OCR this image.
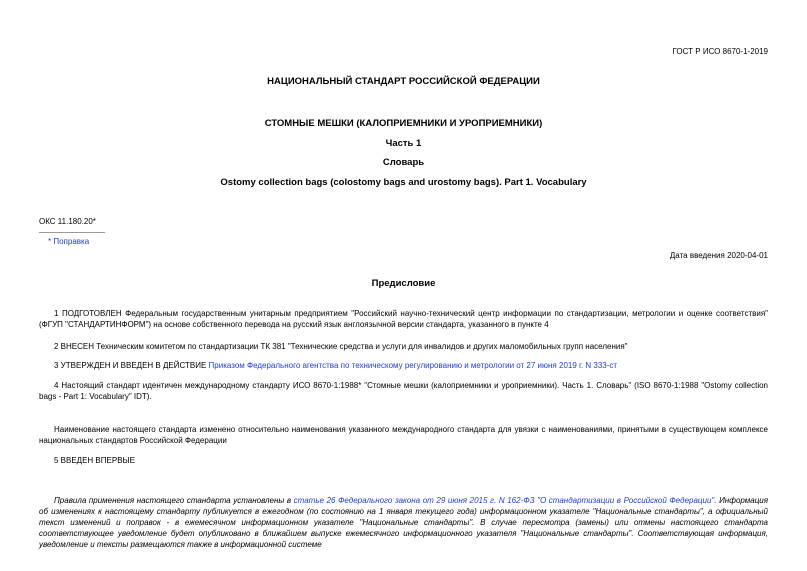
ГОСТ Р ИСО 8670-1-2019
НАЦИОНАЛЬНЫЙ СТАНДАРТ РОССИЙСКОЙ ФЕДЕРАЦИИ
СТОМНЫЕ МЕШКИ (КАЛОПРИЕМНИКИ И УРОПРИЕМНИКИ)
Часть 1
Словарь
Ostomy collection bags (colostomy bags and urostomy bags). Part 1. Vocabulary
ОКС 11.180.20*
* Поправка
Дата введения 2020-04-01
Предисловие
1 ПОДГОТОВЛЕН Федеральным государственным унитарным предприятием "Российский научно-технический центр информации по стандартизации, метрологии и оценке соответствия" (ФГУП "СТАНДАРТИНФОРМ") на основе собственного перевода на русский язык англоязычной версии стандарта, указанного в пункте 4
2 ВНЕСЕН Техническим комитетом по стандартизации ТК 381 "Технические средства и услуги для инвалидов и других маломобильных групп населения"
3 УТВЕРЖДЕН И ВВЕДЕН В ДЕЙСТВИЕ Приказом Федерального агентства по техническому регулированию и метрологии от 27 июня 2019 г. N 333-ст
4 Настоящий стандарт идентичен международному стандарту ИСО 8670-1:1988* "Стомные мешки (калоприемники и уроприемники). Часть 1. Словарь" (ISO 8670-1:1988 "Ostomy collection bags - Part 1: Vocabulary" IDT).
Наименование настоящего стандарта изменено относительно наименования указанного международного стандарта для увязки с наименованиями, принятыми в существующем комплексе национальных стандартов Российской Федерации
5 ВВЕДЕН ВПЕРВЫЕ
Правила применения настоящего стандарта установлены в статье 26 Федерального закона от 29 июня 2015 г. N 162-ФЗ "О стандартизации в Российской Федерации". Информация об изменениях к настоящему стандарту публикуется в ежегодном (по состоянию на 1 января текущего года) информационном указателе "Национальные стандарты", а официальный текст изменений и поправок - в ежемесячном информационном указателе "Национальные стандарты". В случае пересмотра (замены) или отмены настоящего стандарта соответствующее уведомление будет опубликовано в ближайшем выпуске ежемесячного информационного указателя "Национальные стандарты". Соответствующая информация, уведомление и тексты размещаются также в информационной системе
